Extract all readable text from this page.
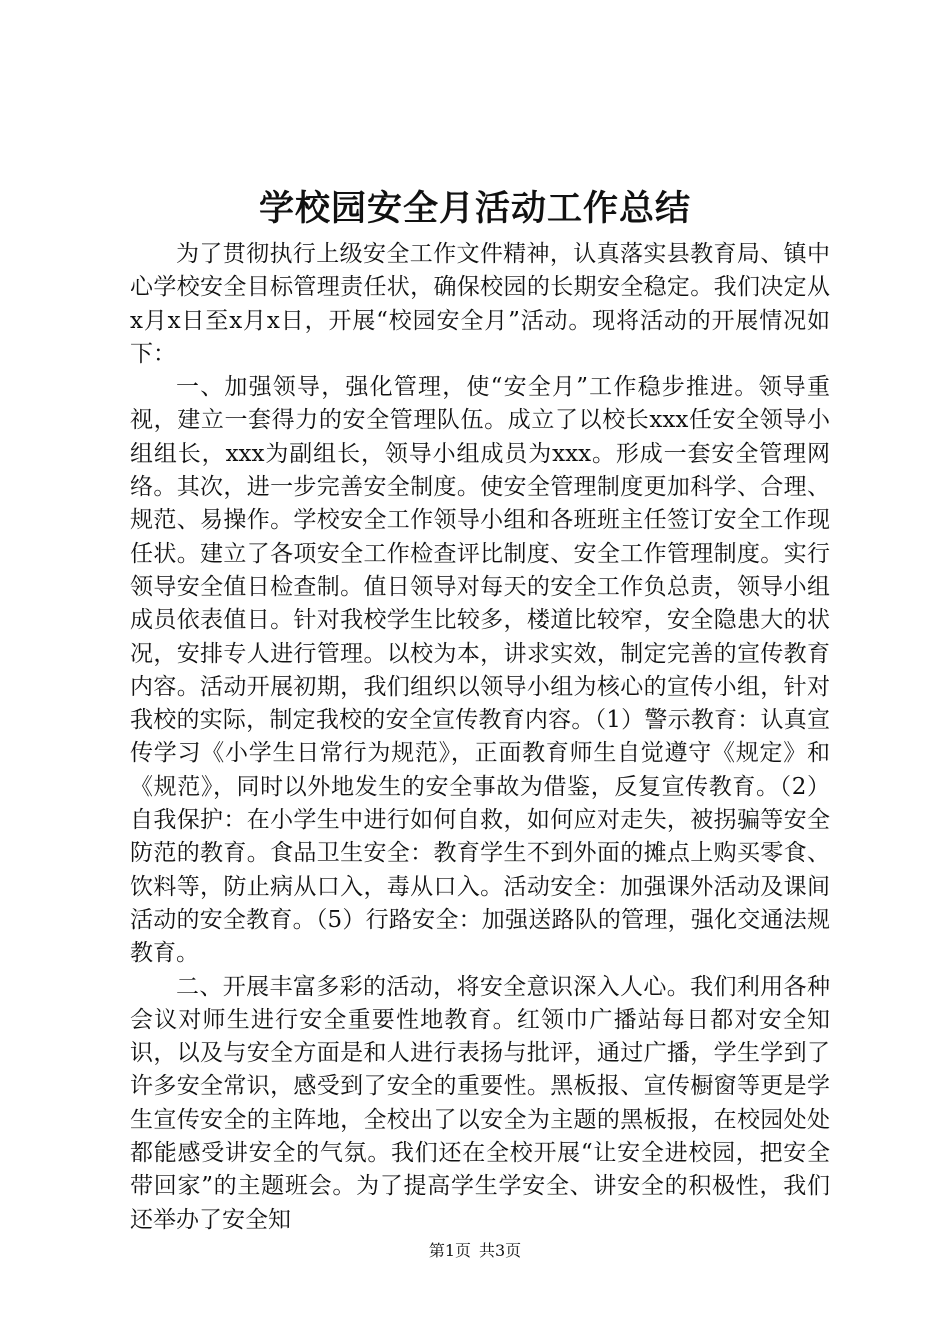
学校园安全月活动工作总结

为了贯彻执行上级安全工作文件精神，认真落实县教育局、镇中心学校安全目标管理责任状，确保校园的长期安全稳定。我们决定从x月x日至x月x日，开展“校园安全月”活动。现将活动的开展情况如下：

一、加强领导，强化管理，使“安全月”工作稳步推进。领导重视，建立一套得力的安全管理队伍。成立了以校长xxx任安全领导小组组长，xxx为副组长，领导小组成员为xxx。形成一套安全管理网络。其次，进一步完善安全制度。使安全管理制度更加科学、合理、规范、易操作。学校安全工作领导小组和各班班主任签订安全工作现任状。建立了各项安全工作检查评比制度、安全工作管理制度。实行领导安全值日检查制。值日领导对每天的安全工作负总责，领导小组成员依表值日。针对我校学生比较多，楼道比较窄，安全隐患大的状况，安排专人进行管理。以校为本，讲求实效，制定完善的宣传教育内容。活动开展初期，我们组织以领导小组为核心的宣传小组，针对我校的实际，制定我校的安全宣传教育内容。（1）警示教育：认真宣传学习《小学生日常行为规范》，正面教育师生自觉遵守《规定》和《规范》，同时以外地发生的安全事故为借鉴，反复宣传教育。（2）自我保护：在小学生中进行如何自救，如何应对走失，被拐骗等安全防范的教育。食品卫生安全：教育学生不到外面的摊点上购买零食、饮料等，防止病从口入，毒从口入。活动安全：加强课外活动及课间活动的安全教育。（5）行路安全：加强送路队的管理，强化交通法规教育。

二、开展丰富多彩的活动，将安全意识深入人心。我们利用各种会议对师生进行安全重要性地教育。红领巾广播站每日都对安全知识，以及与安全方面是和人进行表扬与批评，通过广播，学生学到了许多安全常识，感受到了安全的重要性。黑板报、宣传橱窗等更是学生宣传安全的主阵地，全校出了以安全为主题的黑板报，在校园处处都能感受讲安全的气氛。我们还在全校开展“让安全进校园，把安全带回家”的主题班会。为了提高学生学安全、讲安全的积极性，我们还举办了安全知

第1页 共3页
